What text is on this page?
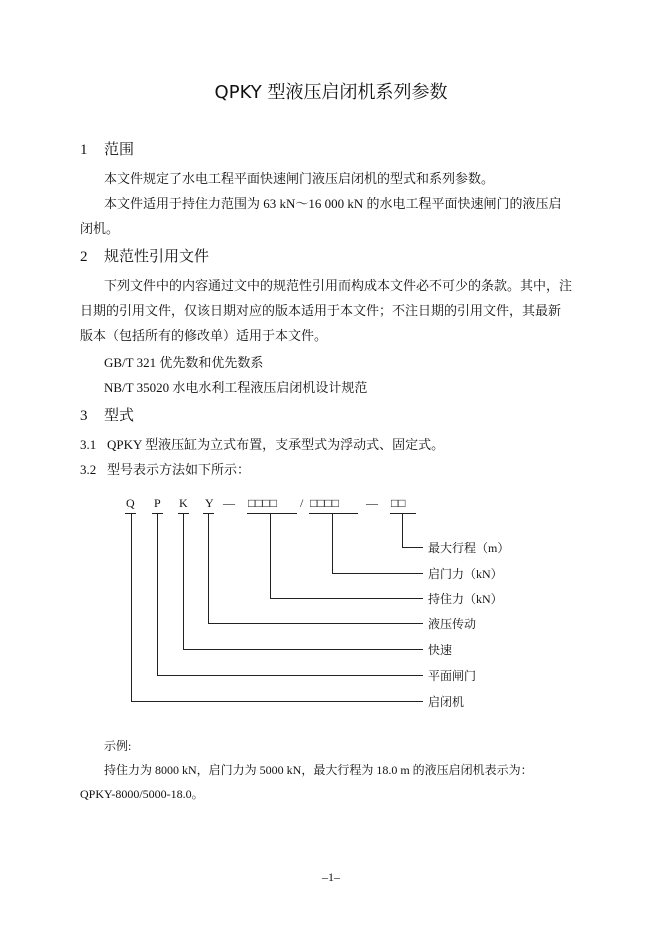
QPKY 型液压启闭机系列参数
1 范围
本文件规定了水电工程平面快速闸门液压启闭机的型式和系列参数。
本文件适用于持住力范围为 63 kN～16 000 kN 的水电工程平面快速闸门的液压启
闭机。
2 规范性引用文件
下列文件中的内容通过文中的规范性引用而构成本文件必不可少的条款。其中，注
日期的引用文件，仅该日期对应的版本适用于本文件；不注日期的引用文件，其最新
版本（包括所有的修改单）适用于本文件。
GB/T 321 优先数和优先数系
NB/T 35020 水电水利工程液压启闭机设计规范
3 型式
3.1 QPKY 型液压缸为立式布置，支承型式为浮动式、固定式。
3.2 型号表示方法如下所示：
Q P K Y — □□□□ / □□□□ — □□
最大行程（m）
启门力（kN）
持住力（kN）
液压传动
快速
平面闸门
启闭机
示例:
持住力为 8000 kN，启门力为 5000 kN，最大行程为 18.0 m 的液压启闭机表示为：
QPKY-8000/5000-18.0。
–1–
